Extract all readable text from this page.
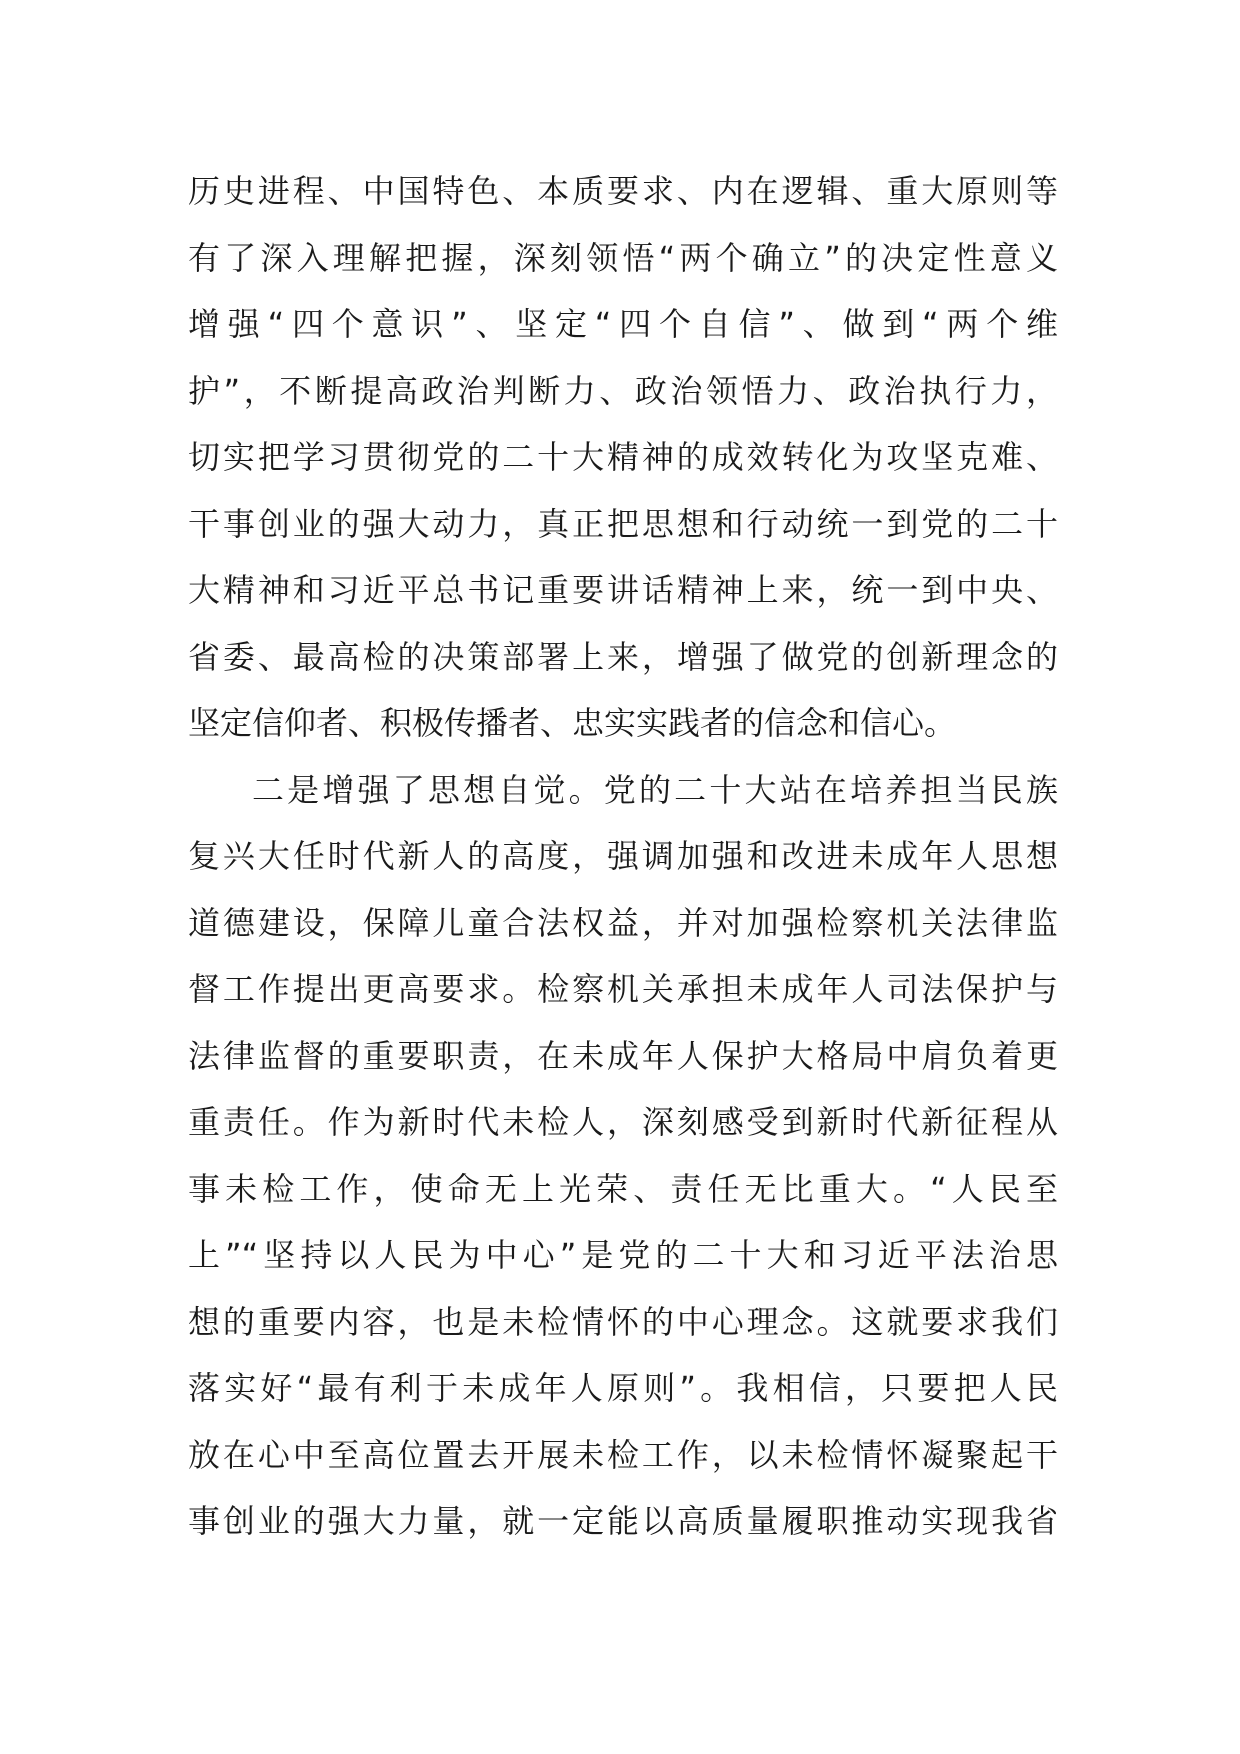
历史进程、中国特色、本质要求、内在逻辑、重大原则等
有了深入理解把握，深刻领悟“两个确立”的决定性意义
增强“四个意识”、坚定“四个自信”、做到“两个维
护”，不断提高政治判断力、政治领悟力、政治执行力，
切实把学习贯彻党的二十大精神的成效转化为攻坚克难、
干事创业的强大动力，真正把思想和行动统一到党的二十
大精神和习近平总书记重要讲话精神上来，统一到中央、
省委、最高检的决策部署上来，增强了做党的创新理念的
坚定信仰者、积极传播者、忠实实践者的信念和信心。
二是增强了思想自觉。党的二十大站在培养担当民族
复兴大任时代新人的高度，强调加强和改进未成年人思想
道德建设，保障儿童合法权益，并对加强检察机关法律监
督工作提出更高要求。检察机关承担未成年人司法保护与
法律监督的重要职责，在未成年人保护大格局中肩负着更
重责任。作为新时代未检人，深刻感受到新时代新征程从
事未检工作，使命无上光荣、责任无比重大。“人民至
上”“坚持以人民为中心”是党的二十大和习近平法治思
想的重要内容，也是未检情怀的中心理念。这就要求我们
落实好“最有利于未成年人原则”。我相信，只要把人民
放在心中至高位置去开展未检工作，以未检情怀凝聚起干
事创业的强大力量，就一定能以高质量履职推动实现我省
